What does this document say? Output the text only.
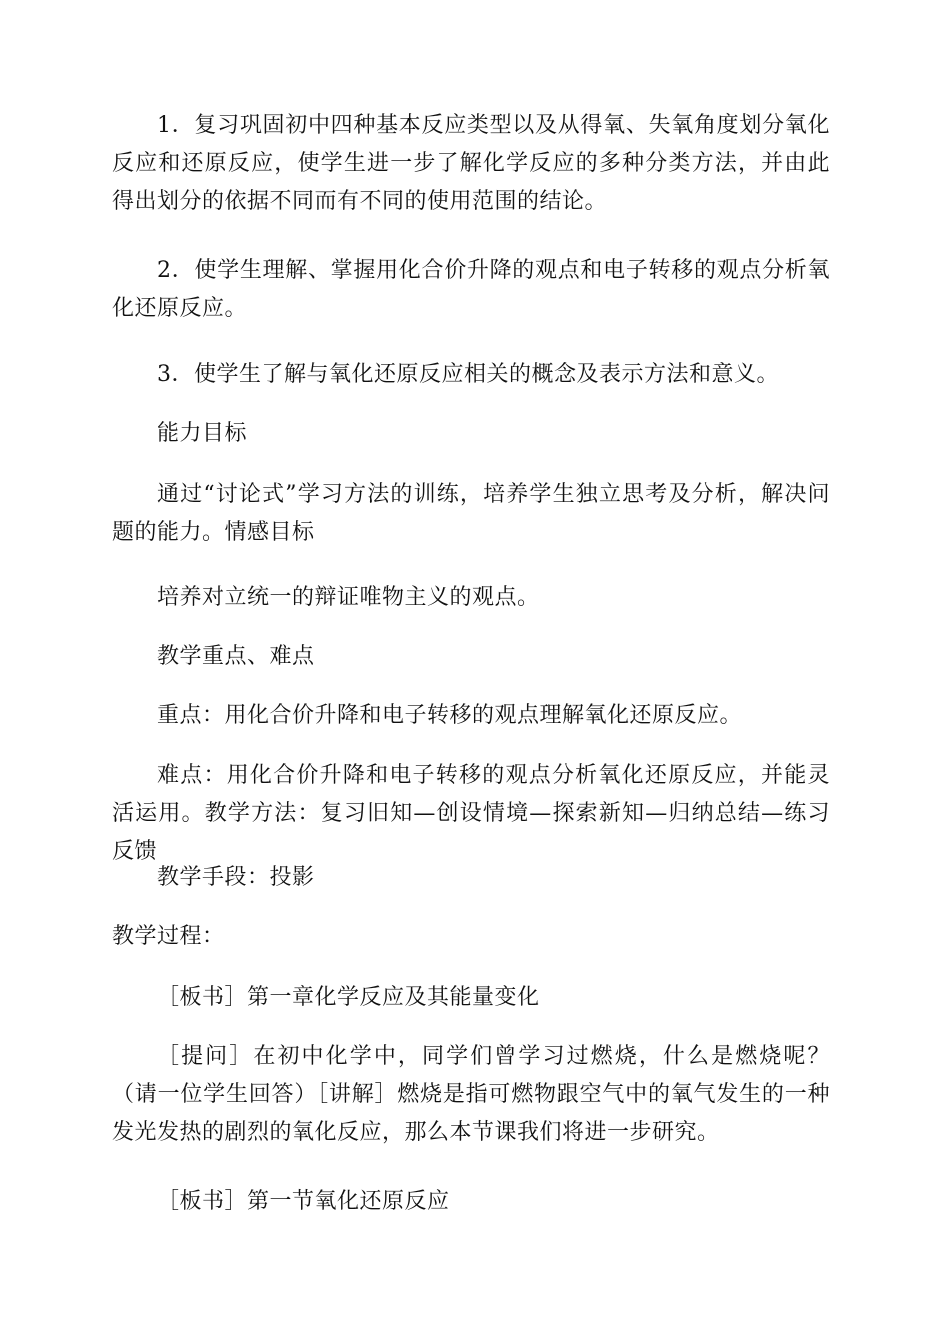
1．复习巩固初中四种基本反应类型以及从得氧、失氧角度划分氧化反应和还原反应，使学生进一步了解化学反应的多种分类方法，并由此得出划分的依据不同而有不同的使用范围的结论。

2．使学生理解、掌握用化合价升降的观点和电子转移的观点分析氧化还原反应。

3．使学生了解与氧化还原反应相关的概念及表示方法和意义。

能力目标

通过“讨论式”学习方法的训练，培养学生独立思考及分析，解决问题的能力。情感目标

培养对立统一的辩证唯物主义的观点。

教学重点、难点

重点：用化合价升降和电子转移的观点理解氧化还原反应。

难点：用化合价升降和电子转移的观点分析氧化还原反应，并能灵活运用。教学方法：复习旧知—创设情境—探索新知—归纳总结—练习反馈

教学手段：投影

教学过程：

［板书］第一章化学反应及其能量变化

［提问］在初中化学中，同学们曾学习过燃烧，什么是燃烧呢？（请一位学生回答）［讲解］燃烧是指可燃物跟空气中的氧气发生的一种发光发热的剧烈的氧化反应，那么本节课我们将进一步研究。

［板书］第一节氧化还原反应
